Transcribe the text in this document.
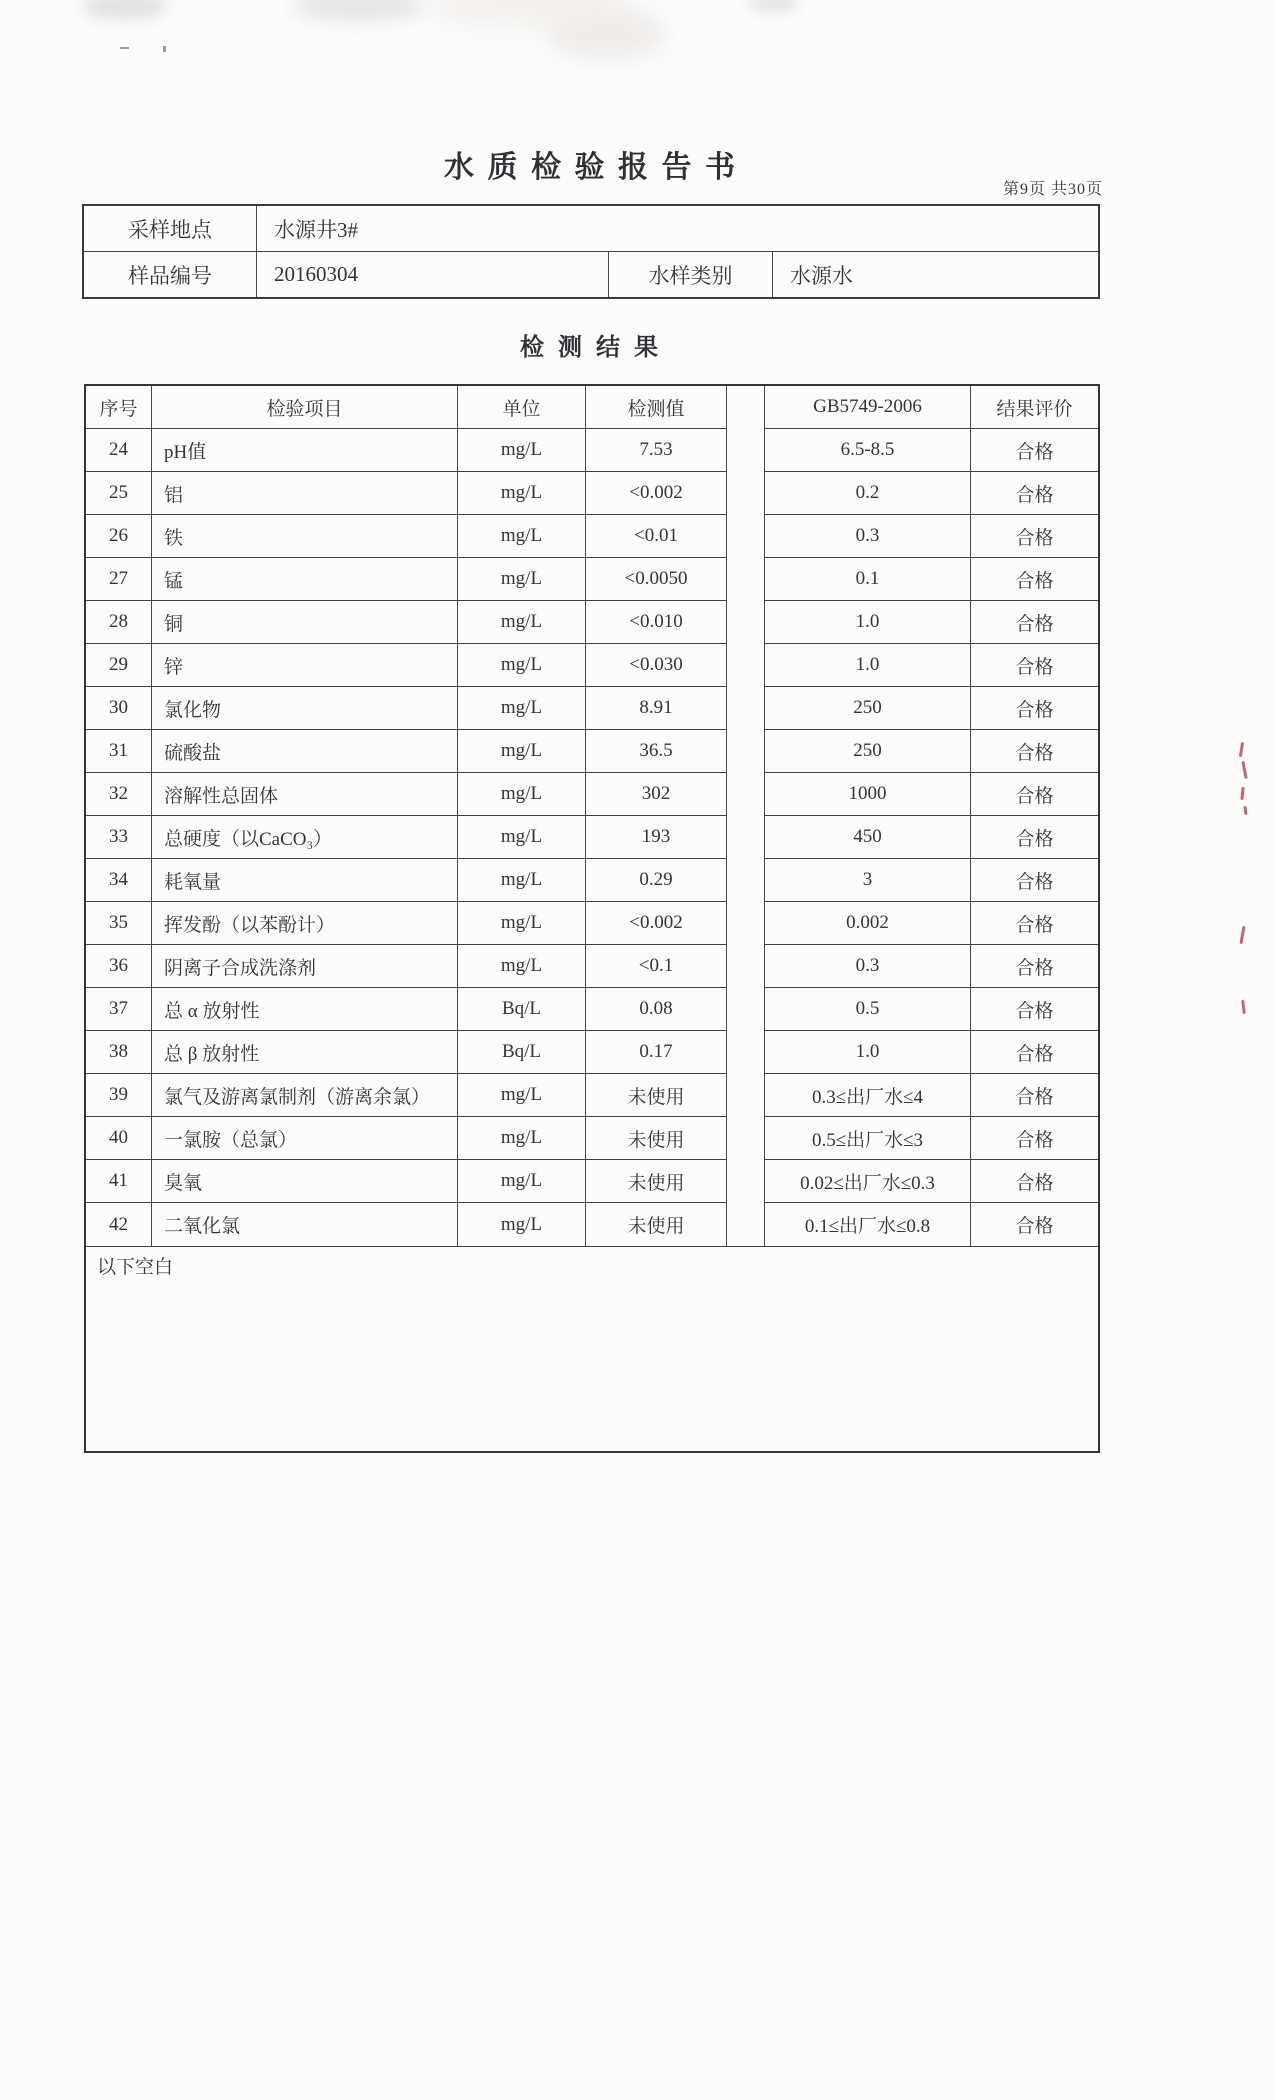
水 质 检 验 报 告 书
第9页 共30页
采样地点	水源井3#
样品编号	20160304	水样类别	水源水
检 测 结 果
序号	检验项目	单位	检测值	GB5749-2006	结果评价
24	pH值	mg/L	7.53	6.5-8.5	合格
25	铝	mg/L	<0.002	0.2	合格
26	铁	mg/L	<0.01	0.3	合格
27	锰	mg/L	<0.0050	0.1	合格
28	铜	mg/L	<0.010	1.0	合格
29	锌	mg/L	<0.030	1.0	合格
30	氯化物	mg/L	8.91	250	合格
31	硫酸盐	mg/L	36.5	250	合格
32	溶解性总固体	mg/L	302	1000	合格
33	总硬度（以CaCO₃）	mg/L	193	450	合格
34	耗氧量	mg/L	0.29	3	合格
35	挥发酚（以苯酚计）	mg/L	<0.002	0.002	合格
36	阴离子合成洗涤剂	mg/L	<0.1	0.3	合格
37	总 α 放射性	Bq/L	0.08	0.5	合格
38	总 β 放射性	Bq/L	0.17	1.0	合格
39	氯气及游离氯制剂（游离余氯）	mg/L	未使用	0.3≤出厂水≤4	合格
40	一氯胺（总氯）	mg/L	未使用	0.5≤出厂水≤3	合格
41	臭氧	mg/L	未使用	0.02≤出厂水≤0.3	合格
42	二氧化氯	mg/L	未使用	0.1≤出厂水≤0.8	合格
以下空白
